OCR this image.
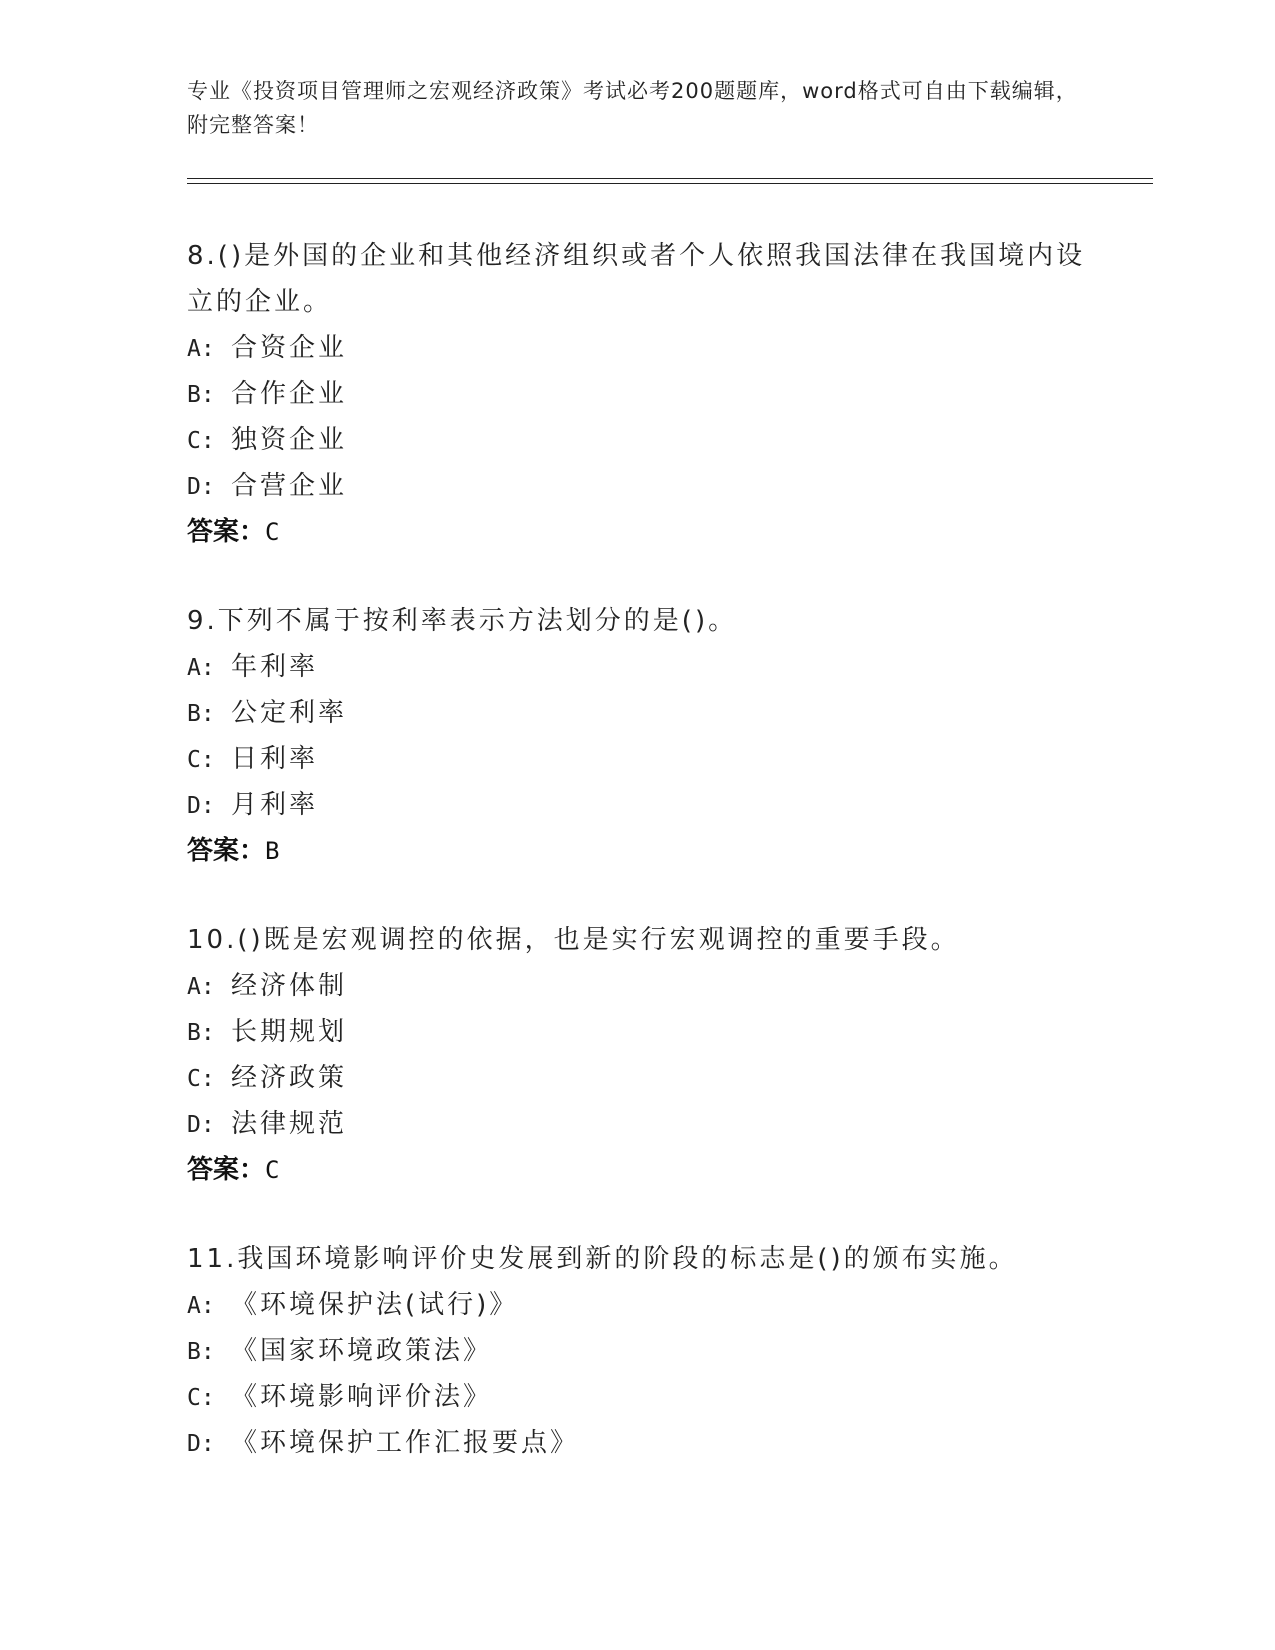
专业《投资项目管理师之宏观经济政策》考试必考200题题库，word格式可自由下载编辑，附完整答案！

8.()是外国的企业和其他经济组织或者个人依照我国法律在我国境内设立的企业。

A: 合资企业
B: 合作企业
C: 独资企业
D: 合营企业
答案：C

9.下列不属于按利率表示方法划分的是()。

A: 年利率
B: 公定利率
C: 日利率
D: 月利率
答案：B

10.()既是宏观调控的依据，也是实行宏观调控的重要手段。

A: 经济体制
B: 长期规划
C: 经济政策
D: 法律规范
答案：C

11.我国环境影响评价史发展到新的阶段的标志是()的颁布实施。

A: 《环境保护法(试行)》
B: 《国家环境政策法》
C: 《环境影响评价法》
D: 《环境保护工作汇报要点》
